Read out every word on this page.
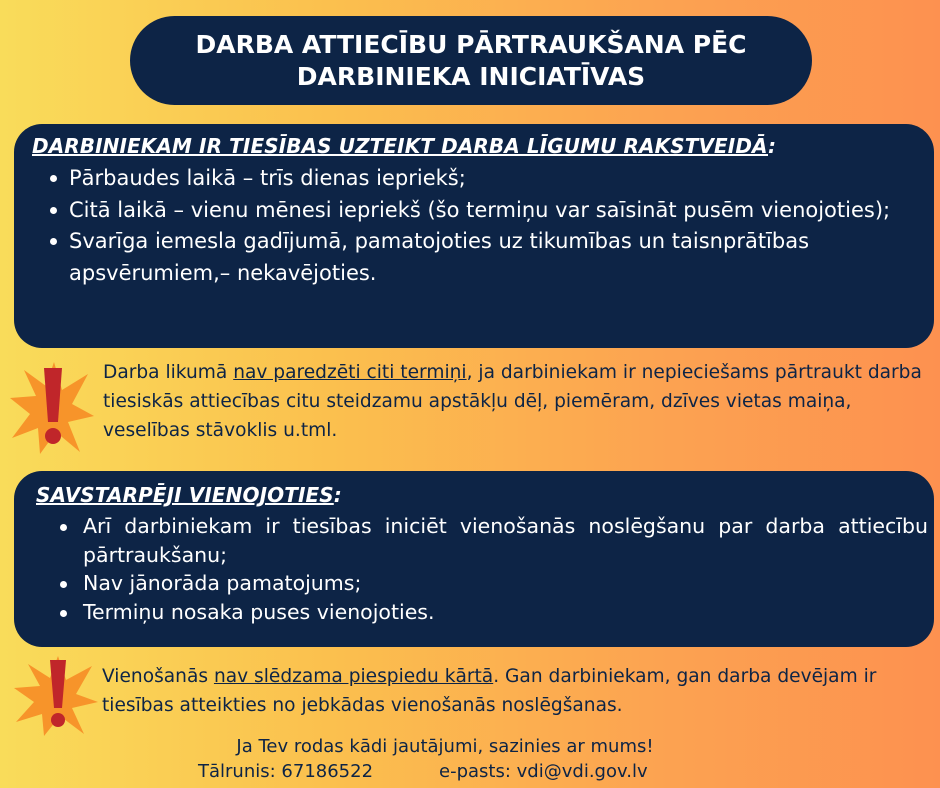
DARBA ATTIECĪBU PĀRTRAUKŠANA PĒC
DARBINIEKA INICIATĪVAS
DARBINIEKAM IR TIESĪBAS UZTEIKT DARBA LĪGUMU RAKSTVEIDĀ:
Pārbaudes laikā – trīs dienas iepriekš;
Citā laikā – vienu mēnesi iepriekš (šo termiņu var saīsināt pusēm vienojoties);
Svarīga iemesla gadījumā, pamatojoties uz tikumības un taisnprātības apsvērumiem,– nekavējoties.
Darba likumā nav paredzēti citi termiņi, ja darbiniekam ir nepieciešams pārtraukt darba tiesiskās attiecības citu steidzamu apstākļu dēļ, piemēram, dzīves vietas maiņa, veselības stāvoklis u.tml.
SAVSTARPĒJI VIENOJOTIES:
Arī darbiniekam ir tiesības iniciēt vienošanās noslēgšanu par darba attiecību pārtraukšanu;
Nav jānorāda pamatojums;
Termiņu nosaka puses vienojoties.
Vienošanās nav slēdzama piespiedu kārtā. Gan darbiniekam, gan darba devējam ir tiesības atteikties no jebkādas vienošanās noslēgšanas.
Ja Tev rodas kādi jautājumi, sazinies ar mums!
Tālrunis: 67186522	e-pasts: vdi@vdi.gov.lv
